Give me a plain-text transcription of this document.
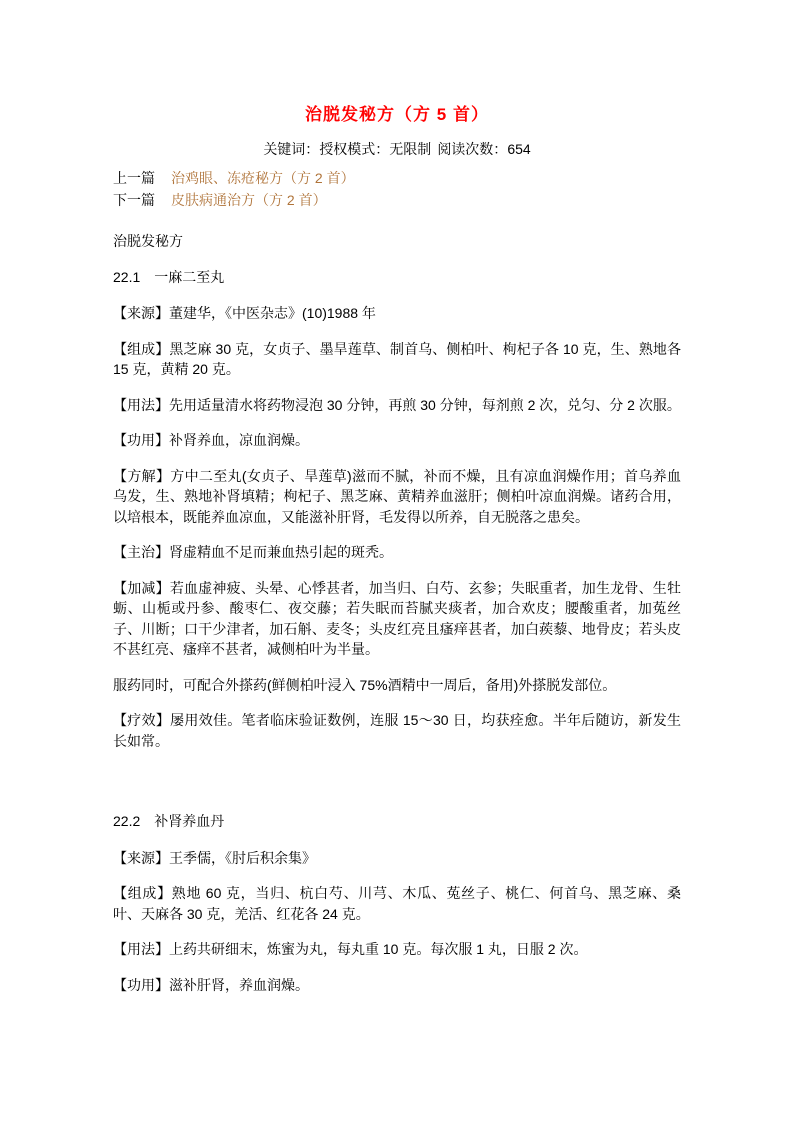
治脱发秘方（方 5 首）
关键词：授权模式：无限制 阅读次数：654
上一篇 治鸡眼、冻疮秘方（方 2 首）
下一篇 皮肤病通治方（方 2 首）

治脱发秘方

22.1 一麻二至丸

【来源】董建华，《中医杂志》(10)1988 年

【组成】黑芝麻 30 克，女贞子、墨旱莲草、制首乌、侧柏叶、枸杞子各 10 克，生、熟地各 15 克，黄精 20 克。

【用法】先用适量清水将药物浸泡 30 分钟，再煎 30 分钟，每剂煎 2 次，兑匀、分 2 次服。

【功用】补肾养血，凉血润燥。

【方解】方中二至丸(女贞子、旱莲草)滋而不腻，补而不燥，且有凉血润燥作用；首乌养血乌发，生、熟地补肾填精；枸杞子、黑芝麻、黄精养血滋肝；侧柏叶凉血润燥。诸药合用，以培根本，既能养血凉血，又能滋补肝肾，毛发得以所养，自无脱落之患矣。

【主治】肾虚精血不足而兼血热引起的斑秃。

【加减】若血虚神疲、头晕、心悸甚者，加当归、白芍、玄参；失眠重者，加生龙骨、生牡蛎、山栀或丹参、酸枣仁、夜交藤；若失眠而苔腻夹痰者，加合欢皮；腰酸重者，加菟丝子、川断；口干少津者，加石斛、麦冬；头皮红亮且瘙痒甚者，加白蒺藜、地骨皮；若头皮不甚红亮、瘙痒不甚者，减侧柏叶为半量。

服药同时，可配合外搽药(鲜侧柏叶浸入 75%酒精中一周后，备用)外搽脱发部位。

【疗效】屡用效佳。笔者临床验证数例，连服 15～30 日，均获痊愈。半年后随访，新发生长如常。

22.2 补肾养血丹

【来源】王季儒，《肘后积余集》

【组成】熟地 60 克，当归、杭白芍、川芎、木瓜、菟丝子、桃仁、何首乌、黑芝麻、桑叶、天麻各 30 克，羌活、红花各 24 克。

【用法】上药共研细末，炼蜜为丸，每丸重 10 克。每次服 1 丸，日服 2 次。

【功用】滋补肝肾，养血润燥。
